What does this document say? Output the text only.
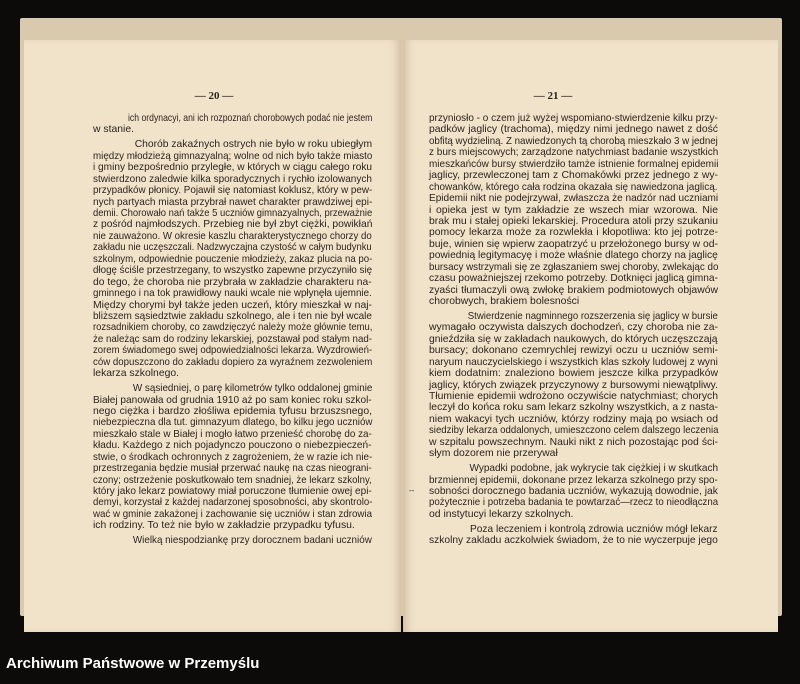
— 20 —
ich ordynacyi, ani ich rozpoznań chorobowych podać nie jestem
w stanie.
Chorób zakaźnych ostrych nie było w roku ubiegłym
między młodzieżą gimnazyalną; wolne od nich było także miasto
i gminy bezpośrednio przyległe, w których w ciągu całego roku
stwierdzono zaledwie kilka sporadycznych i rychło izolowanych
przypadków płonicy. Pojawił się natomiast koklusz, który w pew-
nych partyach miasta przybrał nawet charakter prawdziwej epi-
demii. Chorowało nań także 5 uczniów gimnazyalnych, przeważnie
z pośród najmłodszych. Przebieg nie był zbyt ciężki, powikłań
nie zauważono. W okresie kaszlu charakterystycznego chorzy do
zakładu nie uczęszczali. Nadzwyczajna czystość w całym budynku
szkolnym, odpowiednie pouczenie młodzieży, zakaz plucia na po-
dłogę ściśle przestrzegany, to wszystko zapewne przyczyniło się
do tego, że choroba nie przybrała w zakładzie charakteru na-
gminnego i na tok prawidłowy nauki wcale nie wpłynęła ujemnie.
Między chorymi był także jeden uczeń, który mieszkał w naj-
bliższem sąsiedztwie zakładu szkolnego, ale i ten nie był wcale
rozsadnikiem choroby, co zawdzięczyć należy może głównie temu,
że należąc sam do rodziny lekarskiej, pozstawał pod stałym nad-
zorem świadomego swej odpowiedzialności lekarza. Wyzdrowień-
ców dopuszczono do zakładu dopiero za wyraźnem zezwoleniem
lekarza szkolnego.
W sąsiedniej, o parę kilometrów tylko oddalonej gminie
Białej panowała od grudnia 1910 aż po sam koniec roku szkol-
nego ciężka i bardzo złośliwa epidemia tyfusu brzuszsnego,
niebezpieczna dla tut. gimnazyum dlatego, bo kilku jego uczniów
mieszkało stale w Białej i mogło łatwo przenieść chorobę do za-
kładu. Każdego z nich pojadynczo pouczono o niebezpieczeń-
stwie, o środkach ochronnych z zagrożeniem, że w razie ich nie-
przestrzegania będzie musiał przerwać naukę na czas nieograni-
czony; ostrzeżenie poskutkowało tem snadniej, że lekarz szkolny,
który jako lekarz powiatowy miał poruczone tłumienie owej epi-
demyi, korzystał z każdej nadarzonej sposobności, aby skontrolo-
wać w gminie zakażonej i zachowanie się uczniów i stan zdrowia
ich rodziny. To też nie było w zakładzie przypadku tyfusu.
Wielką niespodziankę przy dorocznem badani uczniów
— 21 —
--
przyniosło - o czem już wyżej wspomiano-stwierdzenie kilku przy-
padków jaglicy (trachoma), między nimi jednego nawet z dość
obfitą wydzieliną. Z nawiedzonych tą chorobą mieszkało 3 w jednej
z burs miejscowych; zarządzone natychmiast badanie wszystkich
mieszkańców bursy stwierdziło tamże istnienie formalnej epidemii
jaglicy, przewleczonej tam z Chomakówki przez jednego z wy-
chowanków, którego cała rodzina okazała się nawiedzona jaglicą.
Epidemii nikt nie podejrzywał, zwłaszcza że nadzór nad uczniami
i opieka jest w tym zakładzie ze wszech miar wzorowa. Nie
brak mu i stałej opieki lekarskiej. Procedura atoli przy szukaniu
pomocy lekarza może za rozwlekła i kłopotliwa: kto jej potrze-
buje, winien się wpierw zaopatrzyć u przełożonego bursy w od-
powiednią legitymacyę i może właśnie dlatego chorzy na jaglicę
bursacy wstrzymali się ze zgłaszaniem swej choroby, zwlekając do
czasu poważniejszej rzekomo potrzeby. Dotknięci jaglicą gimna-
zyaści tłumaczyli ową zwłokę brakiem podmiotowych objawów
chorobwych, brakiem bolesności
Stwierdzenie nagminnego rozszerzenia się jaglicy w bursie
wymagało oczywista dalszych dochodzeń, czy choroba nie za-
gnieździła się w zakładach naukowych, do których uczęszczają
bursacy; dokonano czemrychlej rewizyi oczu u uczniów semi-
naryum nauczycielskiego i wszystkich klas szkoły ludowej z wyni
kiem dodatnim: znaleziono bowiem jeszcze kilka przypadków
jaglicy, których związek przyczynowy z bursowymi niewątpliwy.
Tłumienie epidemii wdrożono oczywiście natychmiast; chorych
leczył do końca roku sam lekarz szkolny wszystkich, a z nasta-
niem wakacyi tych uczniów, którzy rodziny mają po wsiach od
siedziby lekarza oddalonych, umieszczono celem dalszego leczenia
w szpitalu powszechnym. Nauki nikt z nich pozostając pod ści-
słym dozorem nie przerywał
Wypadki podobne, jak wykrycie tak ciężkiej i w skutkach
brzmiennej epidemii, dokonane przez lekarza szkolnego przy spo-
sobności dorocznego badania uczniów, wykazują dowodnie, jak
pożytecznie i potrzeba badania te powtarzać—rzecz to nieodłączna
od instytucyi lekarzy szkolnych.
Poza leczeniem i kontrolą zdrowia uczniów mógł lekarz
szkolny zakladu aczkolwiek świadom, że to nie wyczerpuje jego
Archiwum Państwowe w Przemyślu
